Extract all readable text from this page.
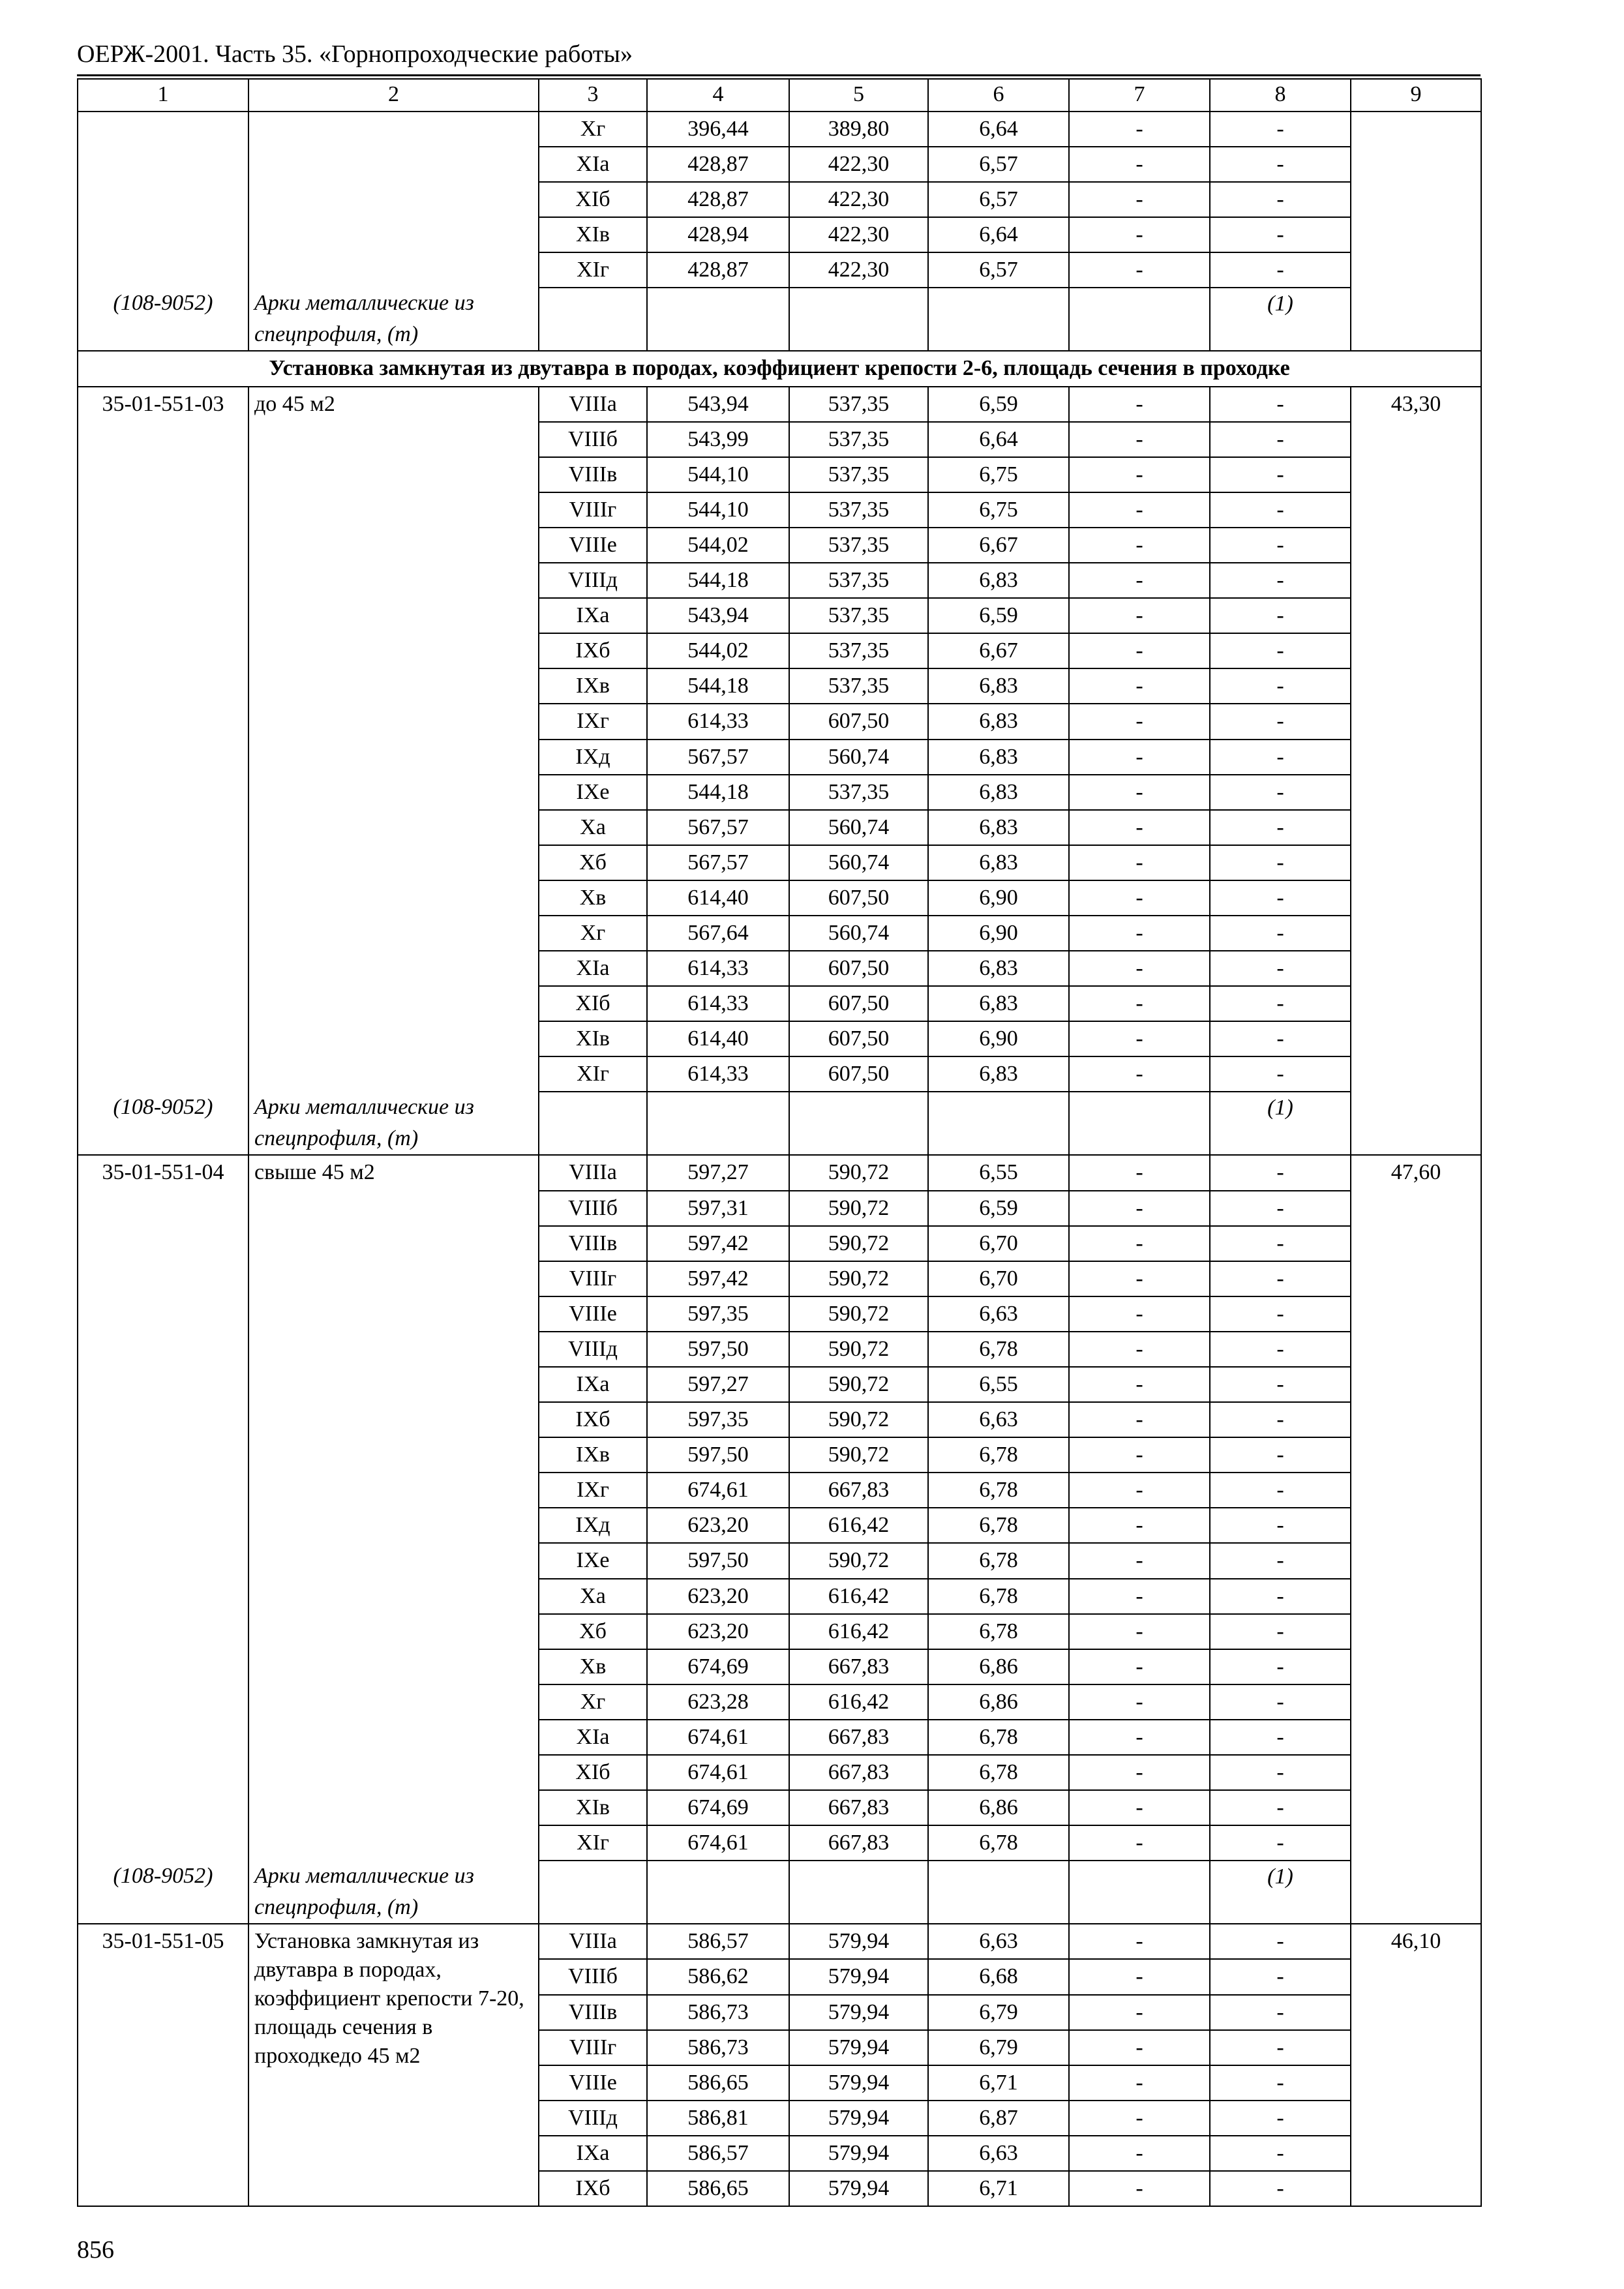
ОЕРЖ-2001. Часть 35. «Горнопроходческие работы»
1	2	3	4	5	6	7	8	9
		Xг	396,44	389,80	6,64	-	-	
		XIа	428,87	422,30	6,57	-	-	
		XIб	428,87	422,30	6,57	-	-	
		XIв	428,94	422,30	6,64	-	-	
		XIг	428,87	422,30	6,57	-	-	
(108-9052)	Арки металлические из спецпрофиля, (т)						(1)	
Установка замкнутая из двутавра в породах, коэффициент крепости 2-6, площадь сечения в проходке								
35-01-551-03	до 45 м2	VIIIа	543,94	537,35	6,59	-	-	43,30
		VIIIб	543,99	537,35	6,64	-	-	
		VIIIв	544,10	537,35	6,75	-	-	
		VIIIг	544,10	537,35	6,75	-	-	
		VIIIе	544,02	537,35	6,67	-	-	
		VIIIд	544,18	537,35	6,83	-	-	
		IXа	543,94	537,35	6,59	-	-	
		IXб	544,02	537,35	6,67	-	-	
		IXв	544,18	537,35	6,83	-	-	
		IXг	614,33	607,50	6,83	-	-	
		IXд	567,57	560,74	6,83	-	-	
		IXе	544,18	537,35	6,83	-	-	
		Xа	567,57	560,74	6,83	-	-	
		Xб	567,57	560,74	6,83	-	-	
		Xв	614,40	607,50	6,90	-	-	
		Xг	567,64	560,74	6,90	-	-	
		XIа	614,33	607,50	6,83	-	-	
		XIб	614,33	607,50	6,83	-	-	
		XIв	614,40	607,50	6,90	-	-	
		XIг	614,33	607,50	6,83	-	-	
(108-9052)	Арки металлические из спецпрофиля, (т)						(1)	
35-01-551-04	свыше 45 м2	VIIIа	597,27	590,72	6,55	-	-	47,60
		VIIIб	597,31	590,72	6,59	-	-	
		VIIIв	597,42	590,72	6,70	-	-	
		VIIIг	597,42	590,72	6,70	-	-	
		VIIIе	597,35	590,72	6,63	-	-	
		VIIIд	597,50	590,72	6,78	-	-	
		IXа	597,27	590,72	6,55	-	-	
		IXб	597,35	590,72	6,63	-	-	
		IXв	597,50	590,72	6,78	-	-	
		IXг	674,61	667,83	6,78	-	-	
		IXд	623,20	616,42	6,78	-	-	
		IXе	597,50	590,72	6,78	-	-	
		Xа	623,20	616,42	6,78	-	-	
		Xб	623,20	616,42	6,78	-	-	
		Xв	674,69	667,83	6,86	-	-	
		Xг	623,28	616,42	6,86	-	-	
		XIа	674,61	667,83	6,78	-	-	
		XIб	674,61	667,83	6,78	-	-	
		XIв	674,69	667,83	6,86	-	-	
		XIг	674,61	667,83	6,78	-	-	
(108-9052)	Арки металлические из спецпрофиля, (т)						(1)	
35-01-551-05	Установка замкнутая из двутавра в породах, коэффициент крепости 7-20, площадь сечения в проходкедо 45 м2	VIIIа	586,57	579,94	6,63	-	-	46,10
		VIIIб	586,62	579,94	6,68	-	-	
		VIIIв	586,73	579,94	6,79	-	-	
		VIIIг	586,73	579,94	6,79	-	-	
		VIIIе	586,65	579,94	6,71	-	-	
		VIIIд	586,81	579,94	6,87	-	-	
		IXа	586,57	579,94	6,63	-	-	
		IXб	586,65	579,94	6,71	-	-	
856
